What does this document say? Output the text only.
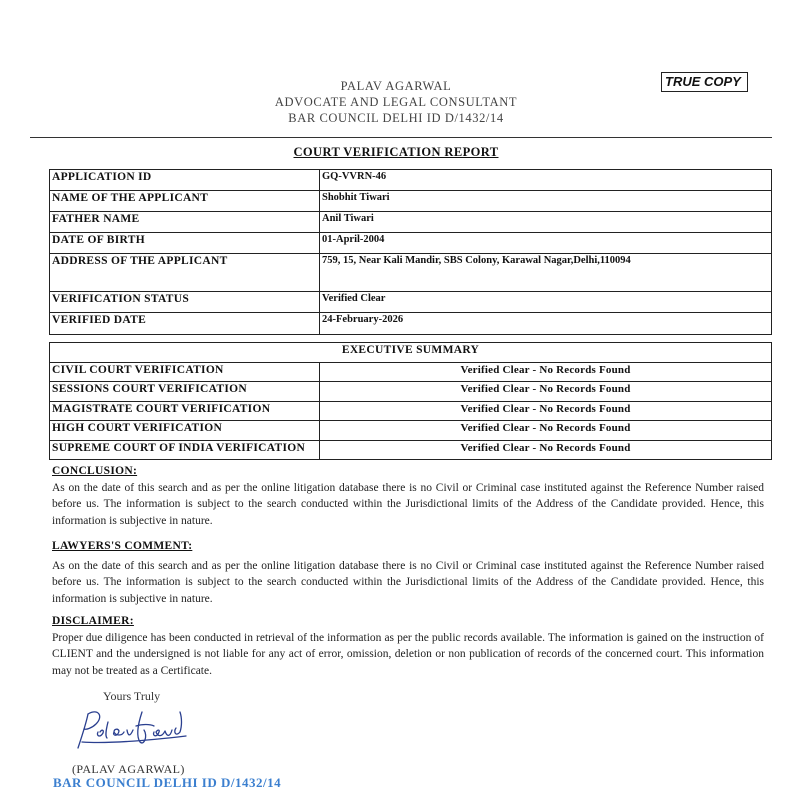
TRUE COPY
PALAV AGARWAL
ADVOCATE AND LEGAL CONSULTANT
BAR COUNCIL DELHI ID D/1432/14
COURT VERIFICATION REPORT
APPLICATION ID	GQ-VVRN-46
NAME OF THE APPLICANT	Shobhit Tiwari
FATHER NAME	Anil Tiwari
DATE OF BIRTH	01-April-2004
ADDRESS OF THE APPLICANT	759, 15, Near Kali Mandir, SBS Colony, Karawal Nagar,Delhi,110094
VERIFICATION STATUS	Verified Clear
VERIFIED DATE	24-February-2026
EXECUTIVE SUMMARY	
CIVIL COURT VERIFICATION	Verified Clear - No Records Found
SESSIONS COURT VERIFICATION	Verified Clear - No Records Found
MAGISTRATE COURT VERIFICATION	Verified Clear - No Records Found
HIGH COURT VERIFICATION	Verified Clear - No Records Found
SUPREME COURT OF INDIA VERIFICATION	Verified Clear - No Records Found
CONCLUSION:
As on the date of this search and as per the online litigation database there is no Civil or Criminal case instituted against the Reference Number raised before us. The information is subject to the search conducted within the Jurisdictional limits of the Address of the Candidate provided. Hence, this information is subjective in nature.
LAWYERS'S COMMENT:
As on the date of this search and as per the online litigation database there is no Civil or Criminal case instituted against the Reference Number raised before us. The information is subject to the search conducted within the Jurisdictional limits of the Address of the Candidate provided. Hence, this information is subjective in nature.
DISCLAIMER:
Proper due diligence has been conducted in retrieval of the information as per the public records available. The information is gained on the instruction of CLIENT and the undersigned is not liable for any act of error, omission, deletion or non publication of records of the concerned court. This information may not be treated as a Certificate.
Yours Truly
(PALAV AGARWAL)
BAR COUNCIL DELHI ID D/1432/14
